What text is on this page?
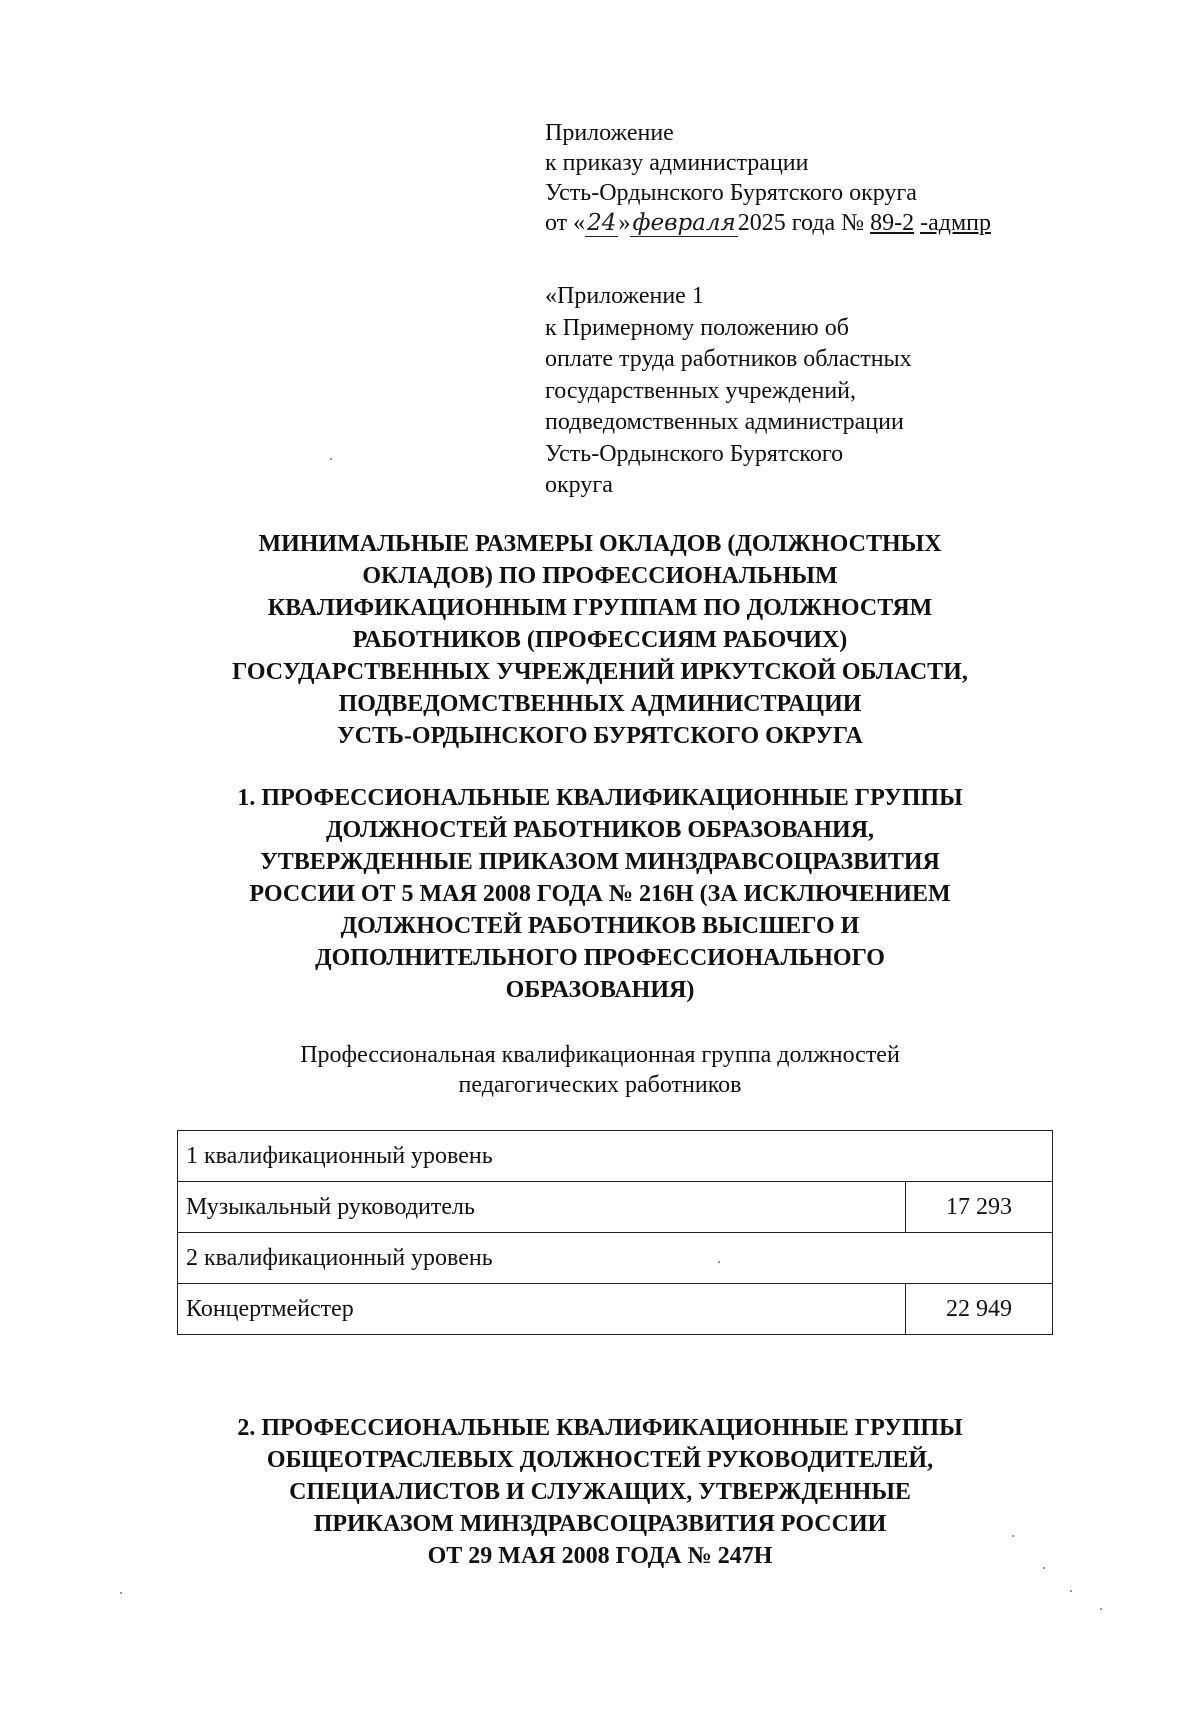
Приложение
к приказу администрации
Усть-Ордынского Бурятского округа
от «24»февраля2025 года № 89-2 -адмпр
«Приложение 1
к Примерному положению об
оплате труда работников областных
государственных учреждений,
подведомственных администрации
Усть-Ордынского Бурятского
округа
МИНИМАЛЬНЫЕ РАЗМЕРЫ ОКЛАДОВ (ДОЛЖНОСТНЫХ
ОКЛАДОВ) ПО ПРОФЕССИОНАЛЬНЫМ
КВАЛИФИКАЦИОННЫМ ГРУППАМ ПО ДОЛЖНОСТЯМ
РАБОТНИКОВ (ПРОФЕССИЯМ РАБОЧИХ)
ГОСУДАРСТВЕННЫХ УЧРЕЖДЕНИЙ ИРКУТСКОЙ ОБЛАСТИ,
ПОДВЕДОМСТВЕННЫХ АДМИНИСТРАЦИИ
УСТЬ-ОРДЫНСКОГО БУРЯТСКОГО ОКРУГА
1. ПРОФЕССИОНАЛЬНЫЕ КВАЛИФИКАЦИОННЫЕ ГРУППЫ
ДОЛЖНОСТЕЙ РАБОТНИКОВ ОБРАЗОВАНИЯ,
УТВЕРЖДЕННЫЕ ПРИКАЗОМ МИНЗДРАВСОЦРАЗВИТИЯ
РОССИИ ОТ 5 МАЯ 2008 ГОДА № 216Н (ЗА ИСКЛЮЧЕНИЕМ
ДОЛЖНОСТЕЙ РАБОТНИКОВ ВЫСШЕГО И
ДОПОЛНИТЕЛЬНОГО ПРОФЕССИОНАЛЬНОГО
ОБРАЗОВАНИЯ)
Профессиональная квалификационная группа должностей
педагогических работников
1 квалификационный уровень	
Музыкальный руководитель	17 293
2 квалификационный уровень	
Концертмейстер	22 949
2. ПРОФЕССИОНАЛЬНЫЕ КВАЛИФИКАЦИОННЫЕ ГРУППЫ
ОБЩЕОТРАСЛЕВЫХ ДОЛЖНОСТЕЙ РУКОВОДИТЕЛЕЙ,
СПЕЦИАЛИСТОВ И СЛУЖАЩИХ, УТВЕРЖДЕННЫЕ
ПРИКАЗОМ МИНЗДРАВСОЦРАЗВИТИЯ РОССИИ
ОТ 29 МАЯ 2008 ГОДА № 247Н
